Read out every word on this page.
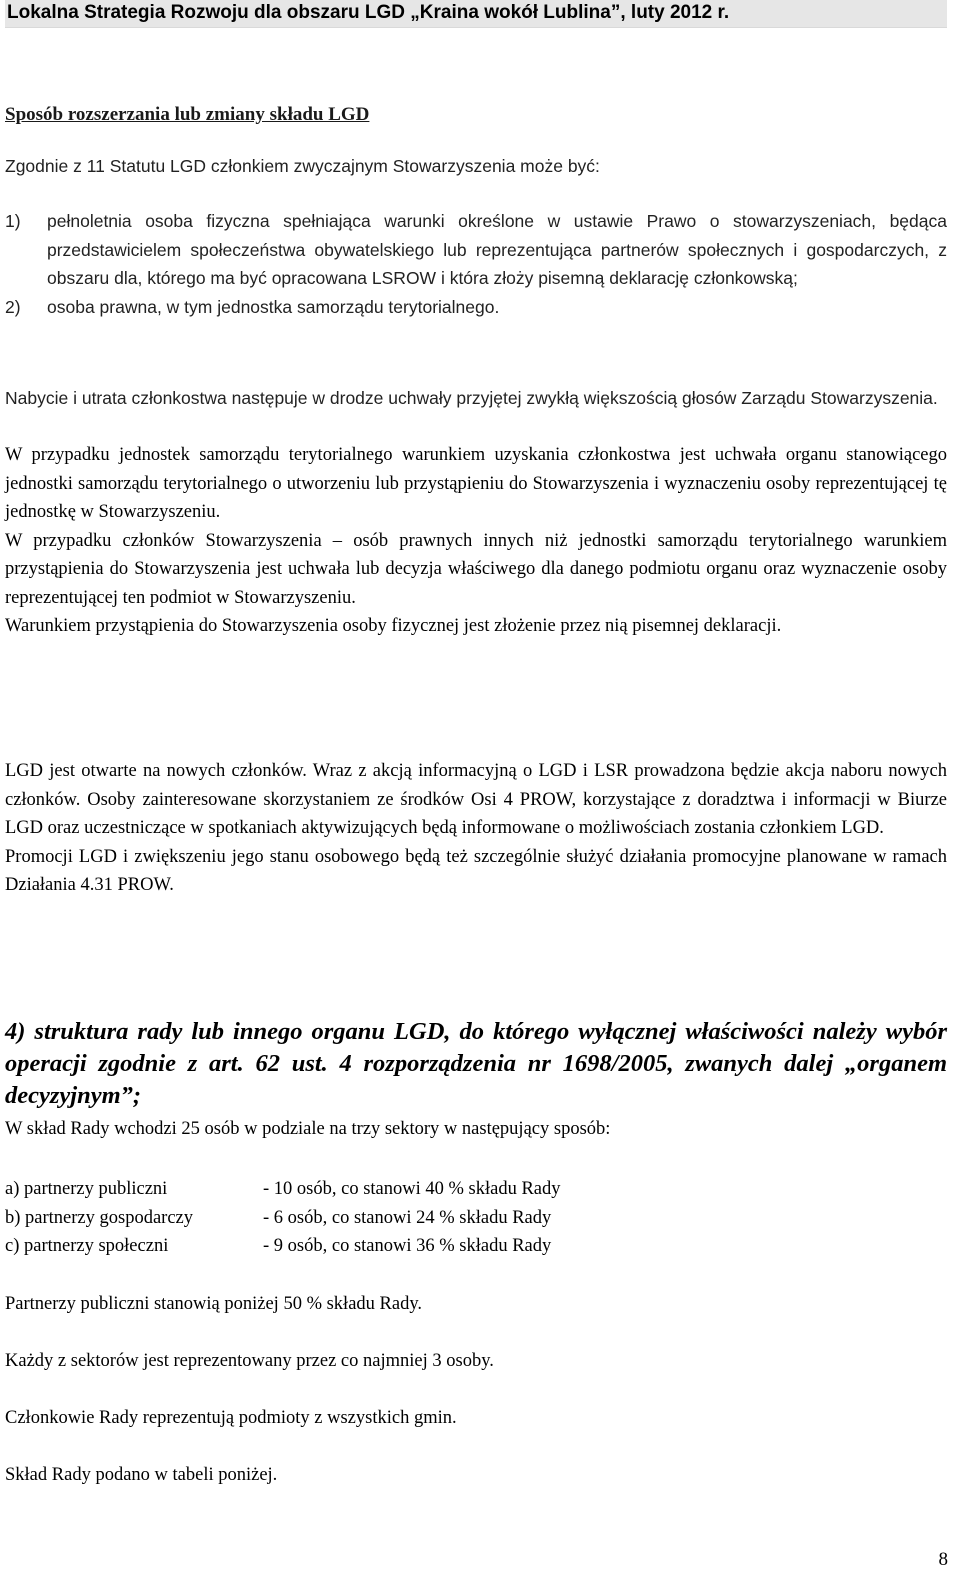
Lokalna Strategia Rozwoju dla obszaru LGD „Kraina wokół Lublina”, luty 2012 r.

Sposób rozszerzania lub zmiany składu LGD

Zgodnie z 11 Statutu LGD członkiem zwyczajnym Stowarzyszenia może być:

1)	pełnoletnia osoba fizyczna spełniająca warunki określone w ustawie Prawo o stowarzyszeniach, będąca przedstawicielem społeczeństwa obywatelskiego lub reprezentująca partnerów społecznych i gospodarczych, z obszaru dla, którego ma być opracowana LSROW i która złoży pisemną deklarację członkowską;
2)	osoba prawna, w tym jednostka samorządu terytorialnego.

Nabycie i utrata członkostwa następuje w drodze uchwały przyjętej zwykłą większością głosów Zarządu Stowarzyszenia.

W przypadku jednostek samorządu terytorialnego warunkiem uzyskania członkostwa jest uchwała organu stanowiącego jednostki samorządu terytorialnego o utworzeniu lub przystąpieniu do Stowarzyszenia i wyznaczeniu osoby reprezentującej tę jednostkę w Stowarzyszeniu.

W przypadku członków Stowarzyszenia – osób prawnych innych niż jednostki samorządu terytorialnego warunkiem przystąpienia do Stowarzyszenia jest uchwała lub decyzja właściwego dla danego podmiotu organu oraz wyznaczenie osoby reprezentującej ten podmiot w Stowarzyszeniu.

Warunkiem przystąpienia do Stowarzyszenia osoby fizycznej jest złożenie przez nią pisemnej deklaracji.

LGD jest otwarte na nowych członków. Wraz z akcją informacyjną o LGD i LSR prowadzona będzie akcja naboru nowych członków. Osoby zainteresowane skorzystaniem ze środków Osi 4 PROW, korzystające z doradztwa i informacji w Biurze LGD oraz uczestniczące w spotkaniach aktywizujących będą informowane o możliwościach zostania członkiem LGD.

Promocji LGD i zwiększeniu jego stanu osobowego będą też szczególnie służyć działania promocyjne planowane w ramach Działania 4.31 PROW.

4) struktura rady lub innego organu LGD, do którego wyłącznej właściwości należy wybór operacji zgodnie z art. 62 ust. 4 rozporządzenia nr 1698/2005, zwanych dalej „organem decyzyjnym”;

W skład Rady wchodzi 25 osób w podziale na trzy sektory w następujący sposób:

a) partnerzy publiczni	- 10 osób, co stanowi 40 % składu Rady
b) partnerzy gospodarczy	- 6 osób, co stanowi 24 % składu Rady
c) partnerzy społeczni	- 9 osób, co stanowi 36 % składu Rady

Partnerzy publiczni stanowią poniżej 50 % składu Rady.

Każdy z sektorów jest reprezentowany przez co najmniej 3 osoby.

Członkowie Rady reprezentują podmioty z wszystkich gmin.

Skład Rady podano w tabeli poniżej.

8
